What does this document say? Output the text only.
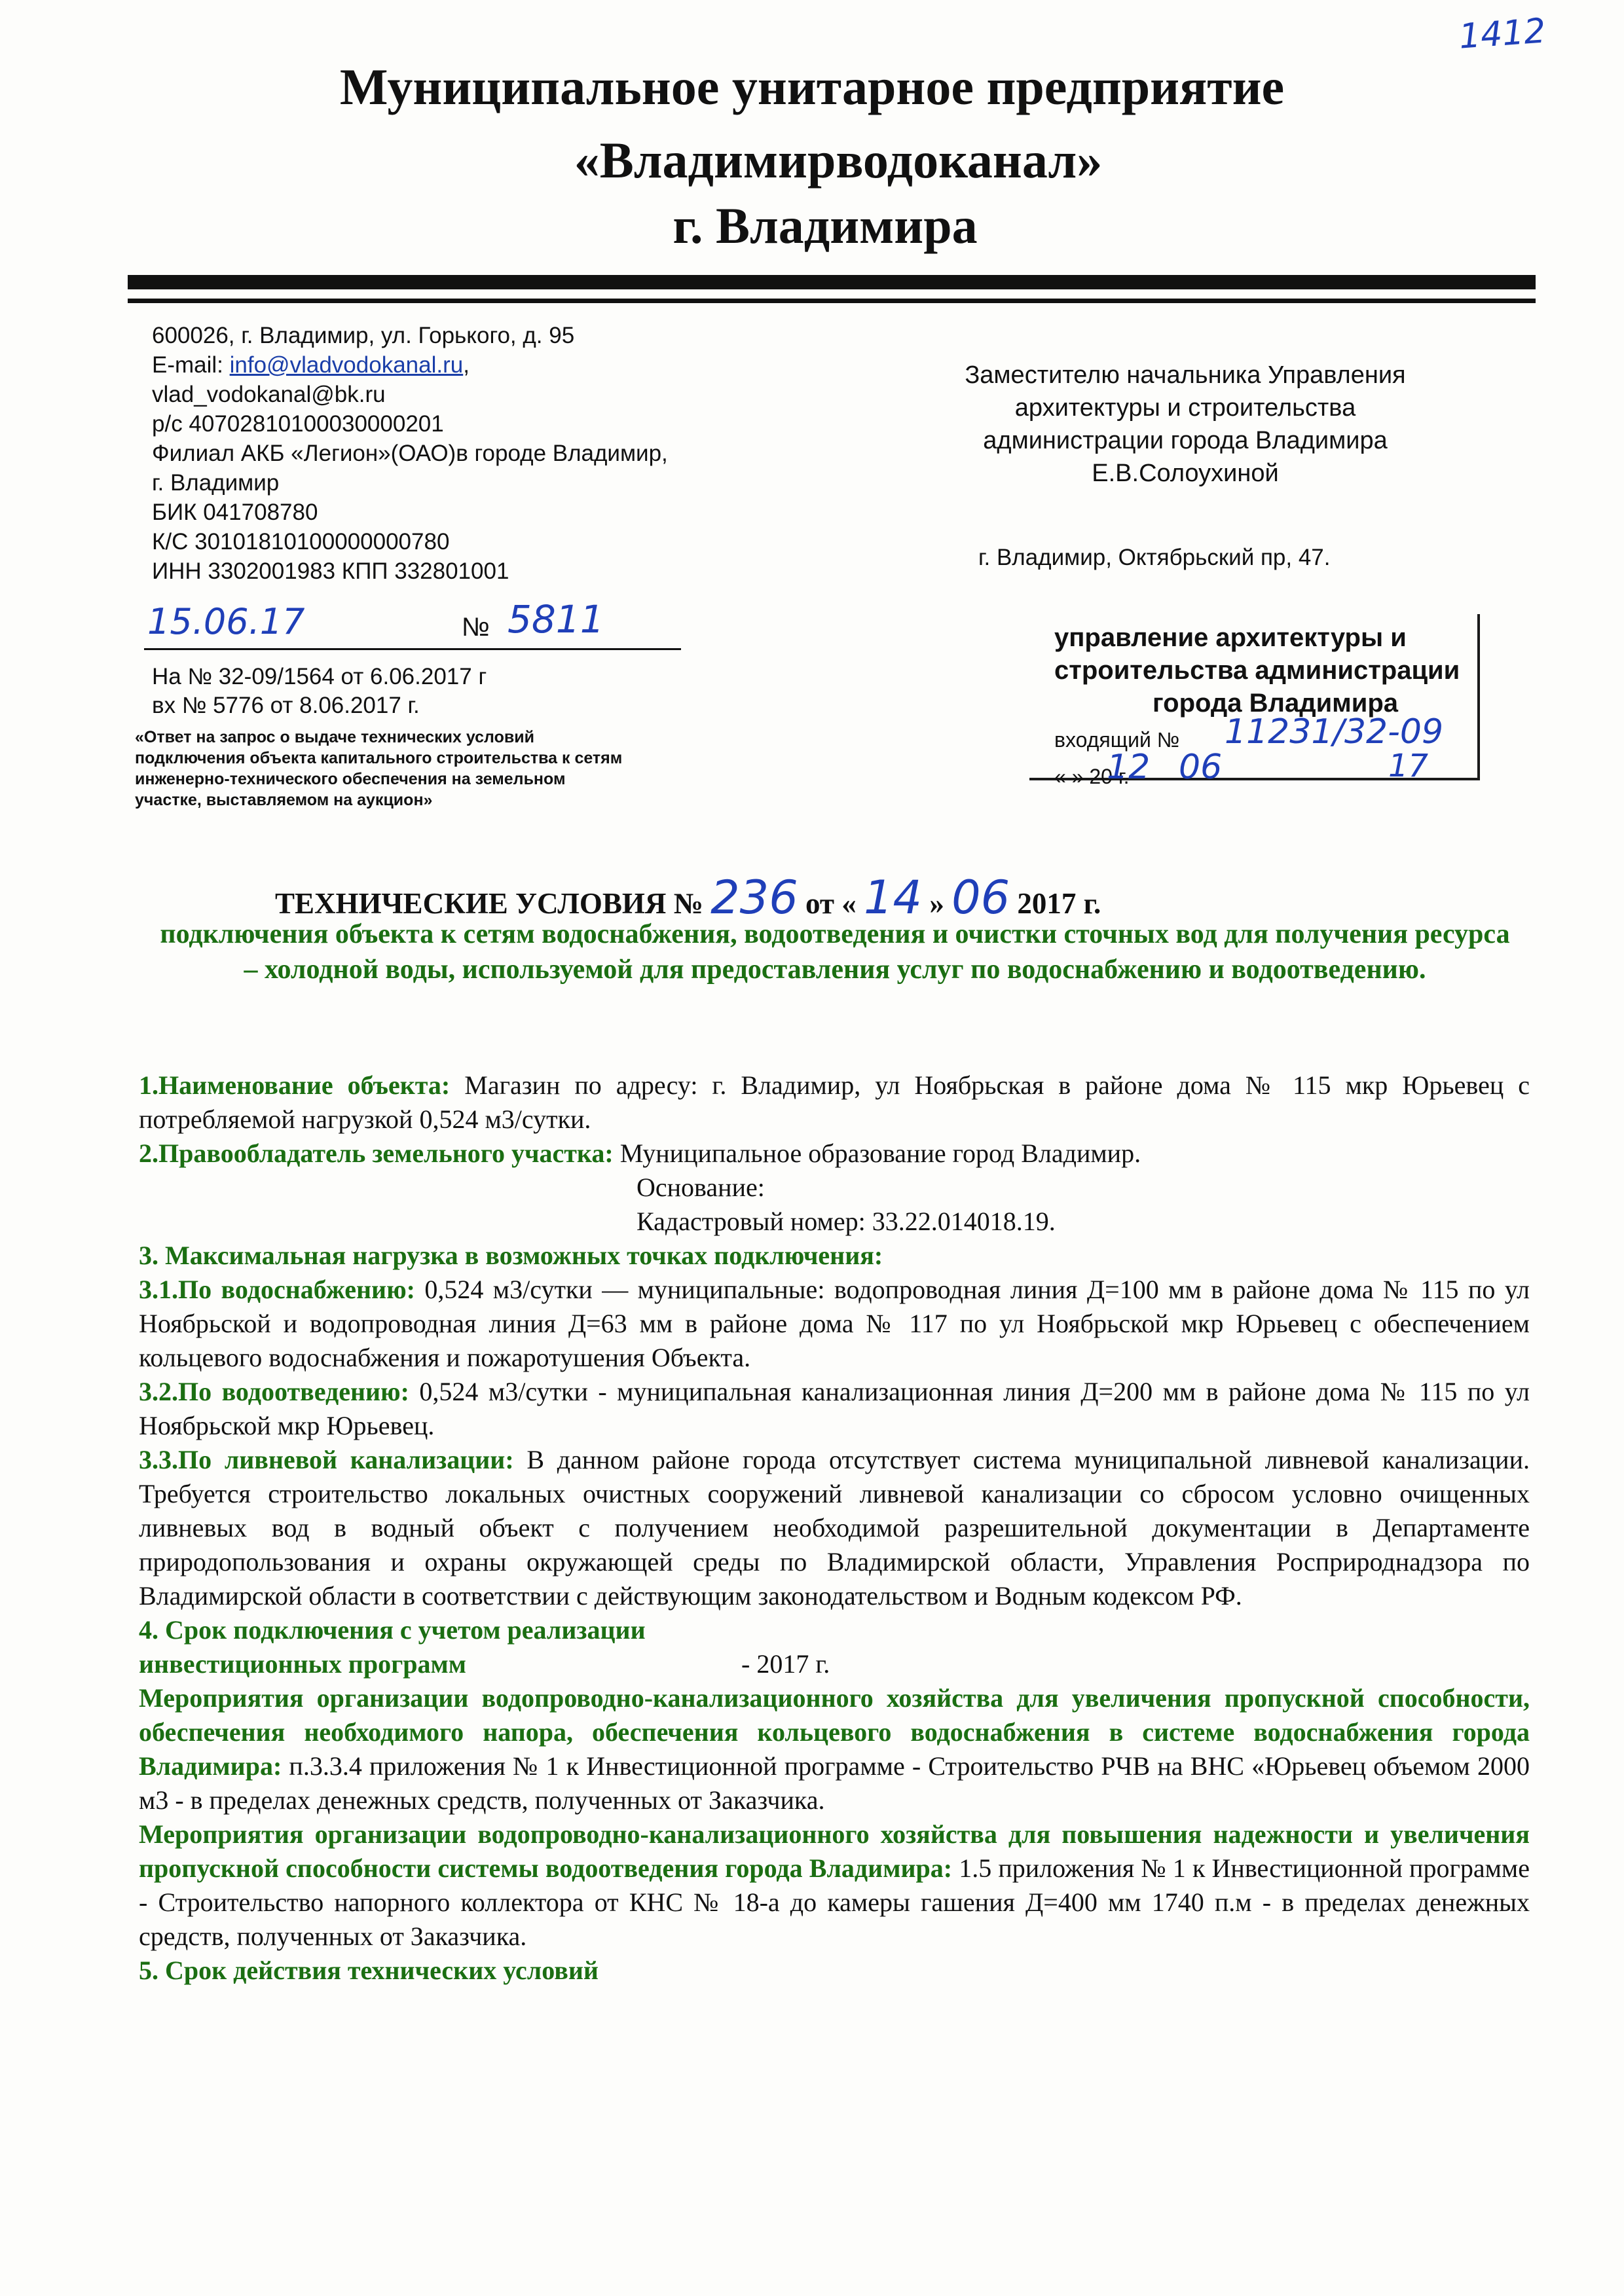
1412
Муниципальное унитарное предприятие
«Владимирводоканал»
г. Владимира
600026, г. Владимир, ул. Горького, д. 95
E-mail: info@vladvodokanal.ru,
vlad_vodokanal@bk.ru
р/с 40702810100030000201
Филиал АКБ «Легион»(ОАО)в городе Владимир,
г. Владимир
БИК 041708780
К/С 30101810100000000780
ИНН 3302001983 КПП 332801001
Заместителю начальника Управления
архитектуры и строительства
администрации города Владимира
Е.В.Солоухиной
г. Владимир, Октябрьский пр, 47.
15.06.17	№ 5811
На № 32-09/1564 от 6.06.2017 г
вх № 5776 от 8.06.2017 г.
«Ответ на запрос о выдаче технических условий подключения объекта капитального строительства к сетям инженерно-технического обеспечения на земельном участке, выставляемом на аукцион»
управление архитектуры и
строительства администрации
города Владимира
входящий №
« » 20 г.
11231/32-09
12 06	17
ТЕХНИЧЕСКИЕ УСЛОВИЯ № 236 от « 14 » 06 2017 г.
подключения объекта к сетям водоснабжения, водоотведения и очистки сточных вод для получения ресурса – холодной воды, используемой для предоставления услуг по водоснабжению и водоотведению.

1.Наименование объекта: Магазин по адресу: г. Владимир, ул Ноябрьская в районе дома № 115 мкр Юрьевец с потребляемой нагрузкой 0,524 м3/сутки.

2.Правообладатель земельного участка: Муниципальное образование город Владимир.

Основание:

Кадастровый номер: 33.22.014018.19.

3. Максимальная нагрузка в возможных точках подключения:

3.1.По водоснабжению: 0,524 м3/сутки — муниципальные: водопроводная линия Д=100 мм в районе дома № 115 по ул Ноябрьской и водопроводная линия Д=63 мм в районе дома № 117 по ул Ноябрьской мкр Юрьевец с обеспечением кольцевого водоснабжения и пожаротушения Объекта.

3.2.По водоотведению: 0,524 м3/сутки - муниципальная канализационная линия Д=200 мм в районе дома № 115 по ул Ноябрьской мкр Юрьевец.

3.3.По ливневой канализации: В данном районе города отсутствует система муниципальной ливневой канализации. Требуется строительство локальных очистных сооружений ливневой канализации со сбросом условно очищенных ливневых вод в водный объект с получением необходимой разрешительной документации в Департаменте природопользования и охраны окружающей среды по Владимирской области, Управления Росприроднадзора по Владимирской области в соответствии с действующим законодательством и Водным кодексом РФ.

4. Срок подключения с учетом реализации

инвестиционных программ	- 2017 г.

Мероприятия организации водопроводно-канализационного хозяйства для увеличения пропускной способности, обеспечения необходимого напора, обеспечения кольцевого водоснабжения в системе водоснабжения города Владимира: п.3.3.4 приложения № 1 к Инвестиционной программе - Строительство РЧВ на ВНС «Юрьевец объемом 2000 м3 - в пределах денежных средств, полученных от Заказчика.

Мероприятия организации водопроводно-канализационного хозяйства для повышения надежности и увеличения пропускной способности системы водоотведения города Владимира: 1.5 приложения № 1 к Инвестиционной программе - Строительство напорного коллектора от КНС № 18-а до камеры гашения Д=400 мм 1740 п.м - в пределах денежных средств, полученных от Заказчика.

5. Срок действия технических условий
